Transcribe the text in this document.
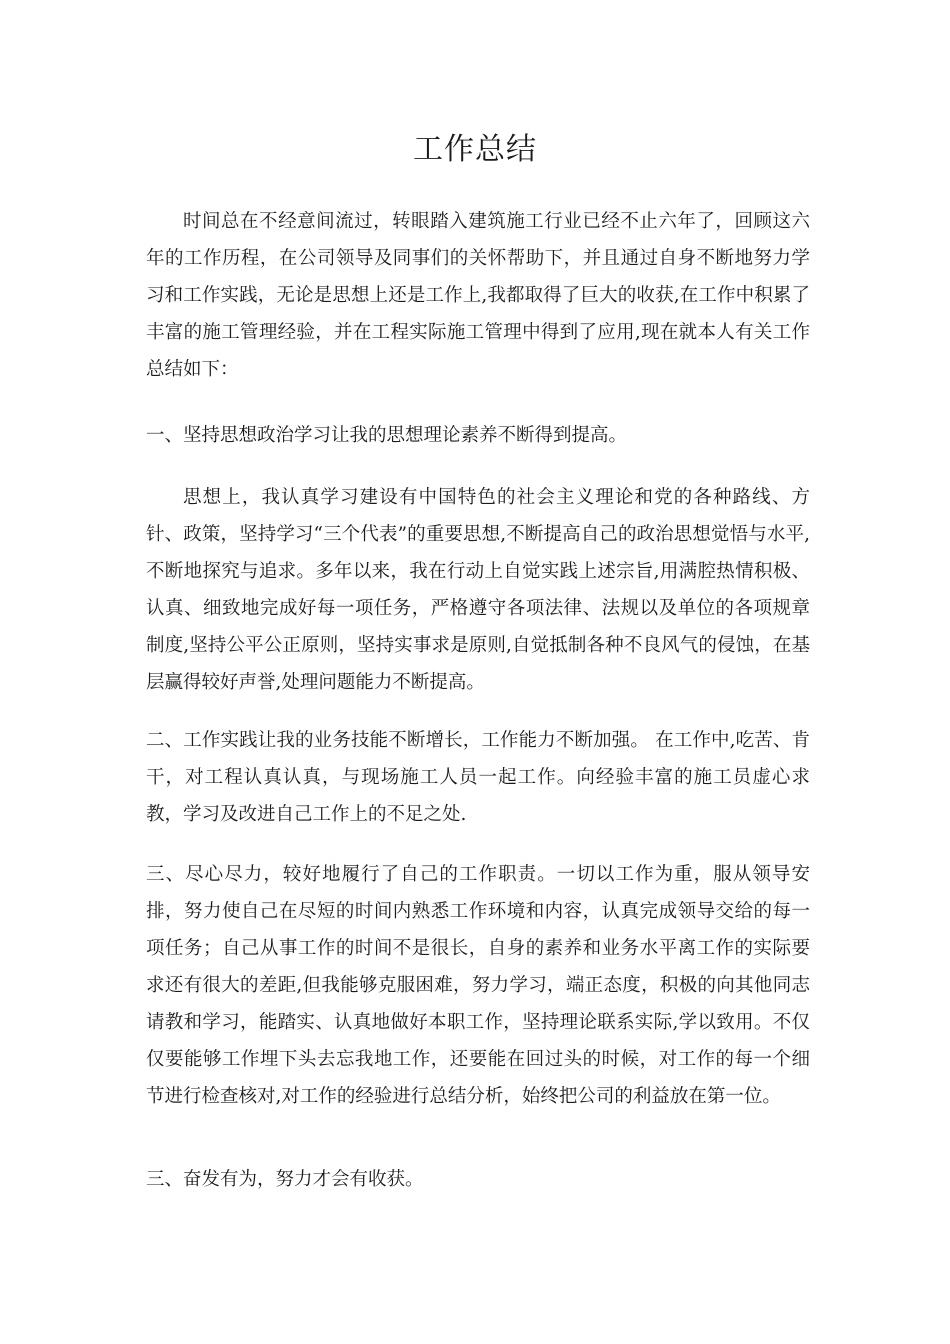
工作总结

时间总在不经意间流过，转眼踏入建筑施工行业已经不止六年了，回顾这六年的工作历程，在公司领导及同事们的关怀帮助下，并且通过自身不断地努力学习和工作实践，无论是思想上还是工作上,我都取得了巨大的收获,在工作中积累了丰富的施工管理经验，并在工程实际施工管理中得到了应用,现在就本人有关工作总结如下：

一、坚持思想政治学习让我的思想理论素养不断得到提高。

思想上，我认真学习建设有中国特色的社会主义理论和党的各种路线、方针、政策，坚持学习“三个代表”的重要思想,不断提高自己的政治思想觉悟与水平,不断地探究与追求。多年以来，我在行动上自觉实践上述宗旨,用满腔热情积极、认真、细致地完成好每一项任务，严格遵守各项法律、法规以及单位的各项规章制度,坚持公平公正原则，坚持实事求是原则,自觉抵制各种不良风气的侵蚀，在基层赢得较好声誉,处理问题能力不断提高。

二、工作实践让我的业务技能不断增长，工作能力不断加强。 在工作中,吃苦、肯干，对工程认真认真，与现场施工人员一起工作。向经验丰富的施工员虚心求教，学习及改进自己工作上的不足之处.

三、尽心尽力，较好地履行了自己的工作职责。一切以工作为重，服从领导安排，努力使自己在尽短的时间内熟悉工作环境和内容，认真完成领导交给的每一项任务；自己从事工作的时间不是很长，自身的素养和业务水平离工作的实际要求还有很大的差距,但我能够克服困难，努力学习，端正态度，积极的向其他同志请教和学习，能踏实、认真地做好本职工作，坚持理论联系实际,学以致用。不仅仅要能够工作埋下头去忘我地工作，还要能在回过头的时候，对工作的每一个细节进行检查核对,对工作的经验进行总结分析，始终把公司的利益放在第一位。

三、奋发有为，努力才会有收获。
